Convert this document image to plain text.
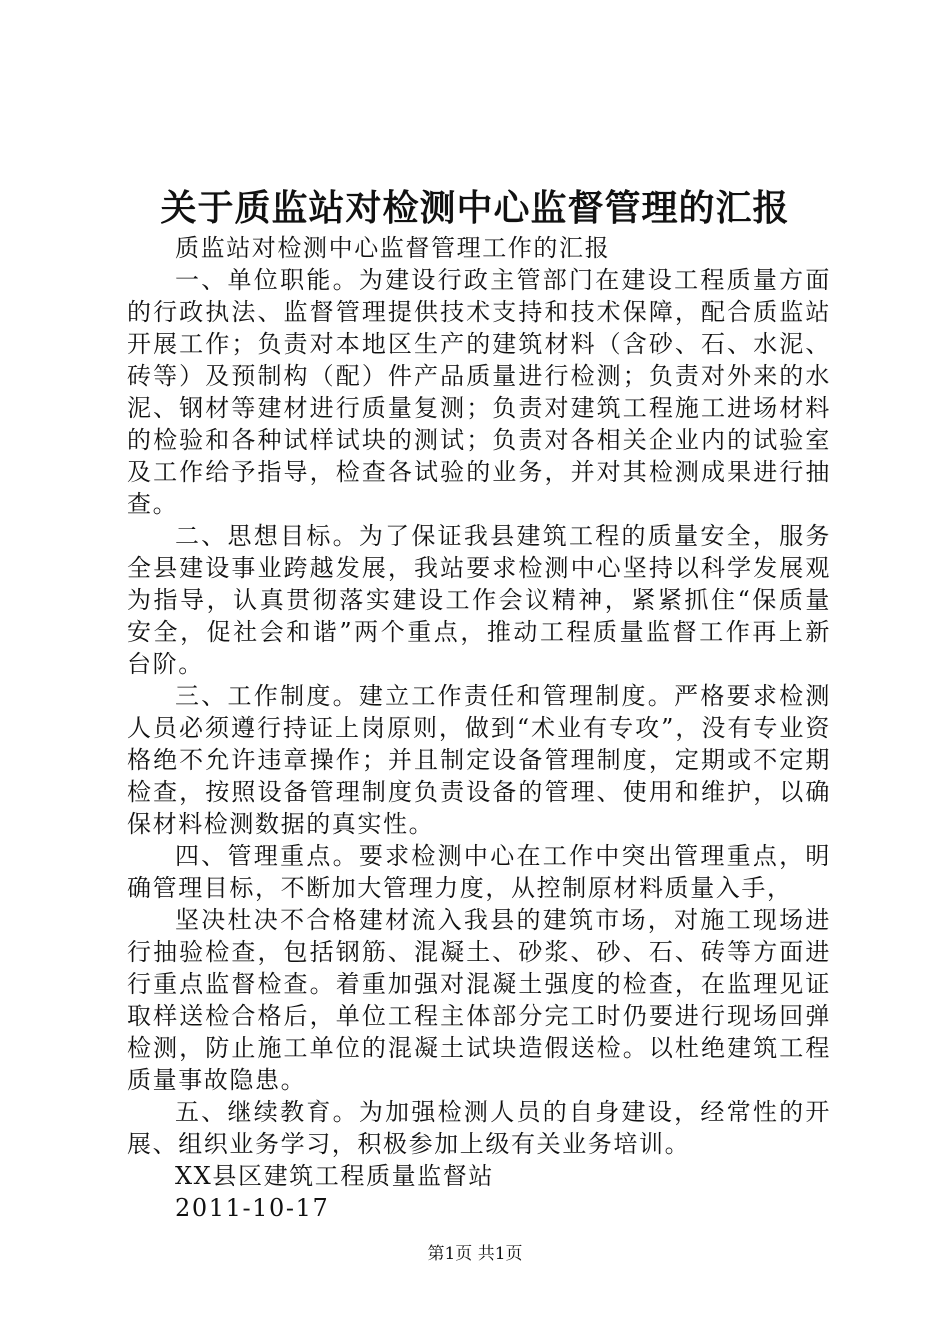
关于质监站对检测中心监督管理的汇报

质监站对检测中心监督管理工作的汇报

一、单位职能。为建设行政主管部门在建设工程质量方面的行政执法、监督管理提供技术支持和技术保障，配合质监站开展工作；负责对本地区生产的建筑材料（含砂、石、水泥、砖等）及预制构（配）件产品质量进行检测；负责对外来的水泥、钢材等建材进行质量复测；负责对建筑工程施工进场材料的检验和各种试样试块的测试；负责对各相关企业内的试验室及工作给予指导，检查各试验的业务，并对其检测成果进行抽查。

二、思想目标。为了保证我县建筑工程的质量安全，服务全县建设事业跨越发展，我站要求检测中心坚持以科学发展观为指导，认真贯彻落实建设工作会议精神，紧紧抓住“保质量安全，促社会和谐”两个重点，推动工程质量监督工作再上新台阶。

三、工作制度。建立工作责任和管理制度。严格要求检测人员必须遵行持证上岗原则，做到“术业有专攻”，没有专业资格绝不允许违章操作；并且制定设备管理制度，定期或不定期检查，按照设备管理制度负责设备的管理、使用和维护，以确保材料检测数据的真实性。

四、管理重点。要求检测中心在工作中突出管理重点，明确管理目标，不断加大管理力度，从控制原材料质量入手，

坚决杜决不合格建材流入我县的建筑市场，对施工现场进行抽验检查，包括钢筋、混凝土、砂浆、砂、石、砖等方面进行重点监督检查。着重加强对混凝土强度的检查，在监理见证取样送检合格后，单位工程主体部分完工时仍要进行现场回弹检测，防止施工单位的混凝土试块造假送检。以杜绝建筑工程质量事故隐患。

五、继续教育。为加强检测人员的自身建设，经常性的开展、组织业务学习，积极参加上级有关业务培训。

XX县区建筑工程质量监督站

2011-10-17

第1页 共1页
